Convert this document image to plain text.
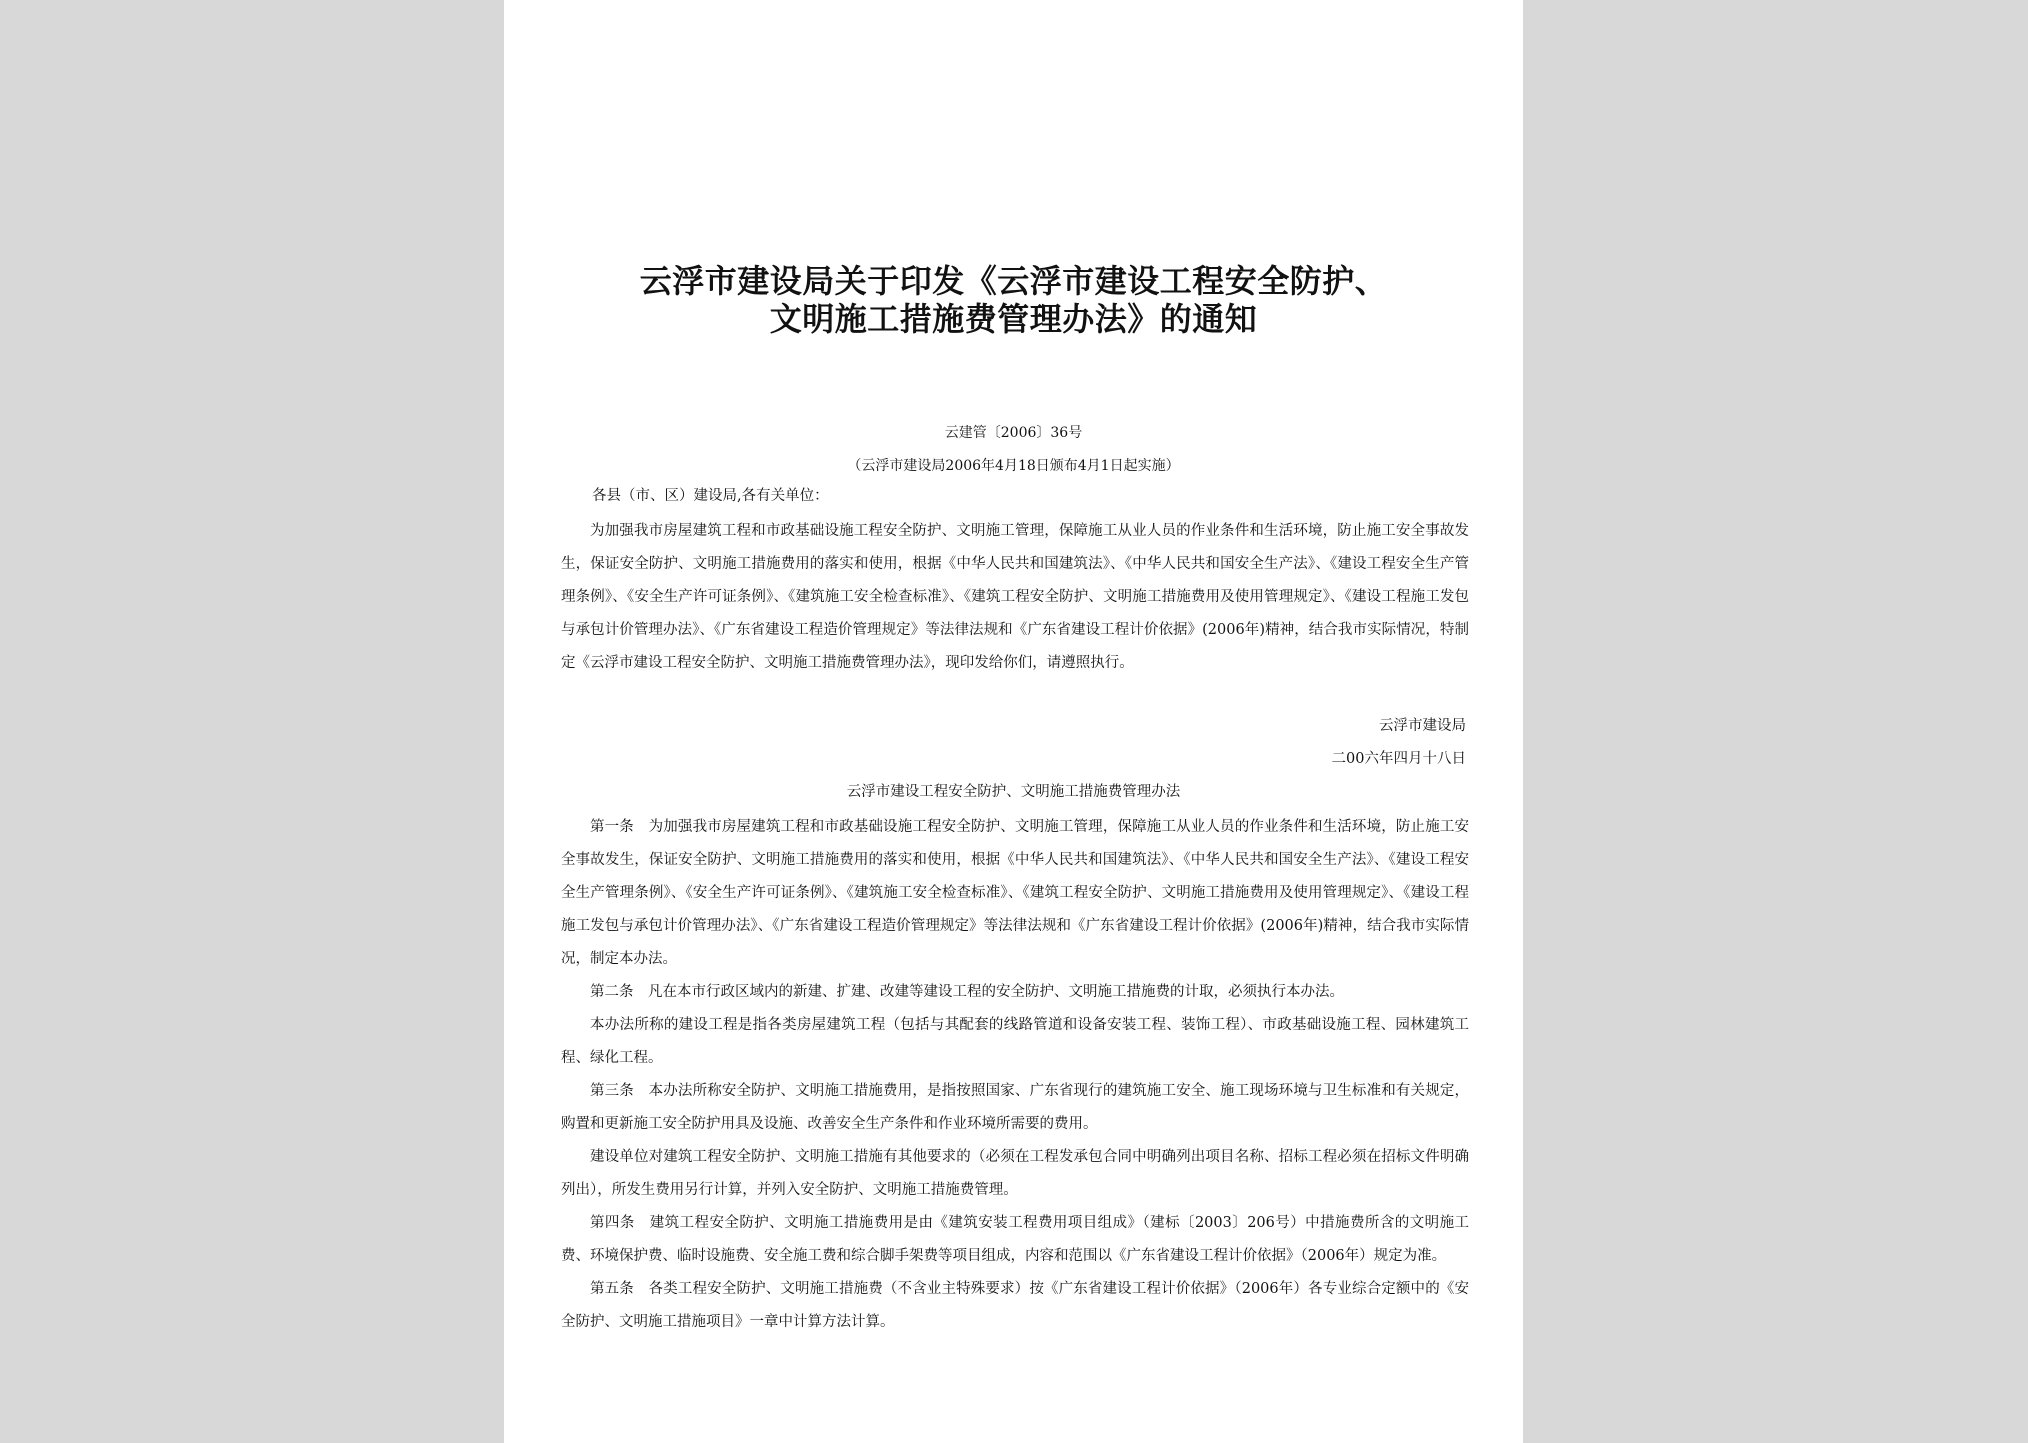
云浮市建设局关于印发《云浮市建设工程安全防护、
文明施工措施费管理办法》的通知
云建管〔2006〕36号
（云浮市建设局2006年4月18日颁布4月1日起实施）
各县（市、区）建设局,各有关单位：

为加强我市房屋建筑工程和市政基础设施工程安全防护、文明施工管理，保障施工从业人员的作业条件和生活环境，防止施工安全事故发生，保证安全防护、文明施工措施费用的落实和使用，根据《中华人民共和国建筑法》、《中华人民共和国安全生产法》、《建设工程安全生产管理条例》、《安全生产许可证条例》、《建筑施工安全检查标准》、《建筑工程安全防护、文明施工措施费用及使用管理规定》、《建设工程施工发包与承包计价管理办法》、《广东省建设工程造价管理规定》等法律法规和《广东省建设工程计价依据》(2006年)精神，结合我市实际情况，特制定《云浮市建设工程安全防护、文明施工措施费管理办法》，现印发给你们，请遵照执行。

云浮市建设局
二00六年四月十八日
云浮市建设工程安全防护、文明施工措施费管理办法

第一条　为加强我市房屋建筑工程和市政基础设施工程安全防护、文明施工管理，保障施工从业人员的作业条件和生活环境，防止施工安全事故发生，保证安全防护、文明施工措施费用的落实和使用，根据《中华人民共和国建筑法》、《中华人民共和国安全生产法》、《建设工程安全生产管理条例》、《安全生产许可证条例》、《建筑施工安全检查标准》、《建筑工程安全防护、文明施工措施费用及使用管理规定》、《建设工程施工发包与承包计价管理办法》、《广东省建设工程造价管理规定》等法律法规和《广东省建设工程计价依据》(2006年)精神，结合我市实际情况，制定本办法。

第二条　凡在本市行政区域内的新建、扩建、改建等建设工程的安全防护、文明施工措施费的计取，必须执行本办法。

本办法所称的建设工程是指各类房屋建筑工程（包括与其配套的线路管道和设备安装工程、装饰工程）、市政基础设施工程、园林建筑工程、绿化工程。

第三条　本办法所称安全防护、文明施工措施费用，是指按照国家、广东省现行的建筑施工安全、施工现场环境与卫生标准和有关规定，购置和更新施工安全防护用具及设施、改善安全生产条件和作业环境所需要的费用。

建设单位对建筑工程安全防护、文明施工措施有其他要求的（必须在工程发承包合同中明确列出项目名称、招标工程必须在招标文件明确列出），所发生费用另行计算，并列入安全防护、文明施工措施费管理。

第四条　建筑工程安全防护、文明施工措施费用是由《建筑安装工程费用项目组成》（建标〔2003〕206号）中措施费所含的文明施工费、环境保护费、临时设施费、安全施工费和综合脚手架费等项目组成，内容和范围以《广东省建设工程计价依据》（2006年）规定为准。

第五条　各类工程安全防护、文明施工措施费（不含业主特殊要求）按《广东省建设工程计价依据》（2006年）各专业综合定额中的《安全防护、文明施工措施项目》一章中计算方法计算。
